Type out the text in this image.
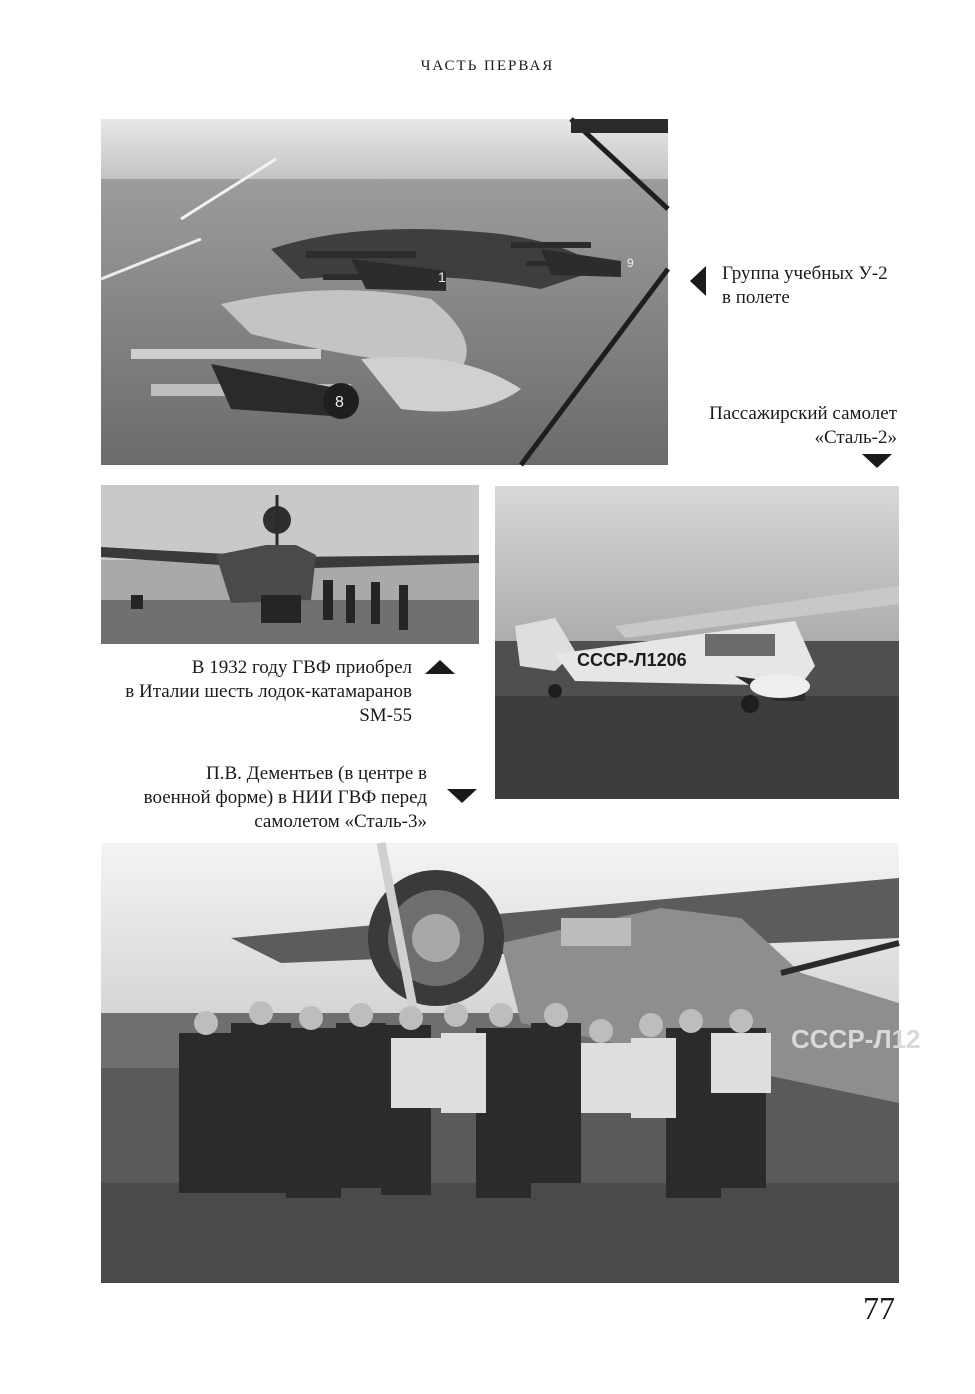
ЧАСТЬ ПЕРВАЯ
1
9
8
Группа учебных У-2
в полете
Пассажирский самолет
«Сталь-2»
СССР-Л1206
В 1932 году ГВФ приобрел
в Италии шесть лодок-катамаранов
SM-55
П.В. Дементьев (в центре в
военной форме) в НИИ ГВФ перед
самолетом «Сталь-3»
СССР-Л12
77
